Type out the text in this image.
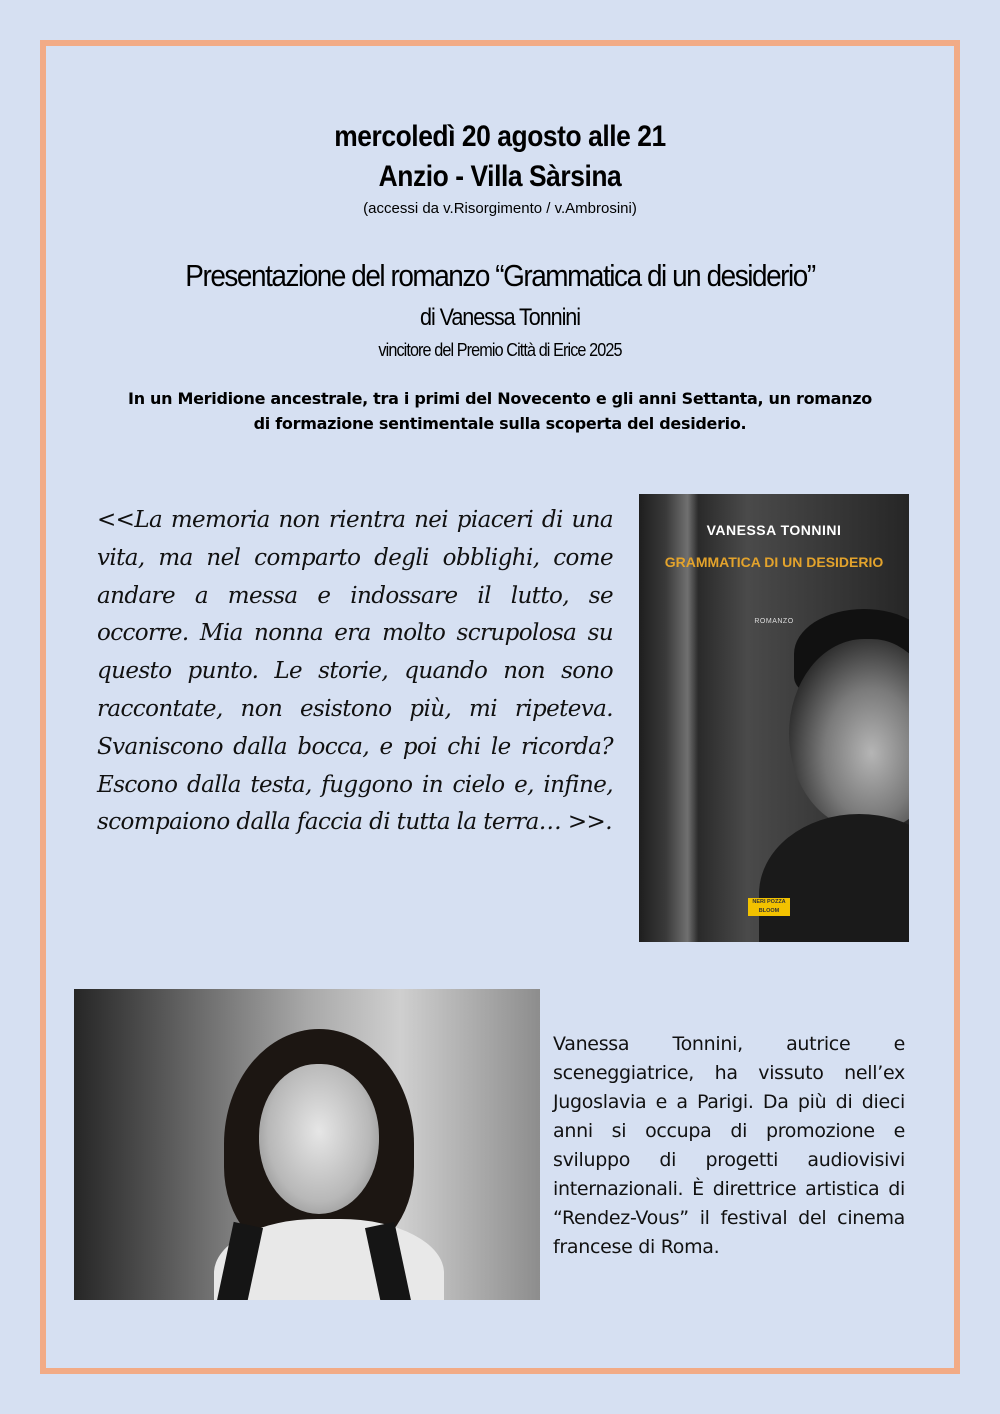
mercoledì 20 agosto alle 21
Anzio - Villa Sàrsina
(accessi da v.Risorgimento / v.Ambrosini)
Presentazione del romanzo “Grammatica di un desiderio”
di Vanessa Tonnini
vincitore del Premio Città di Erice 2025
In un Meridione ancestrale, tra i primi del Novecento e gli anni Settanta, un romanzo di formazione sentimentale sulla scoperta del desiderio.
<<La memoria non rientra nei piaceri di una vita, ma nel comparto degli obblighi, come andare a messa e indossare il lutto, se occorre. Mia nonna era molto scrupolosa su questo punto. Le storie, quando non sono raccontate, non esistono più, mi ripeteva. Svaniscono dalla bocca, e poi chi le ricorda? Escono dalla testa, fuggono in cielo e, infine, scompaiono dalla faccia di tutta la terra… >>.
VANESSA TONNINI
GRAMMATICA DI UN DESIDERIO
ROMANZO
NERI POZZA BLOOM
Vanessa Tonnini, autrice e sceneggiatrice, ha vissuto nell’ex Jugoslavia e a Parigi. Da più di dieci anni si occupa di promozione e sviluppo di progetti audiovisivi internazionali. È direttrice artistica di “Rendez-Vous” il festival del cinema francese di Roma.
